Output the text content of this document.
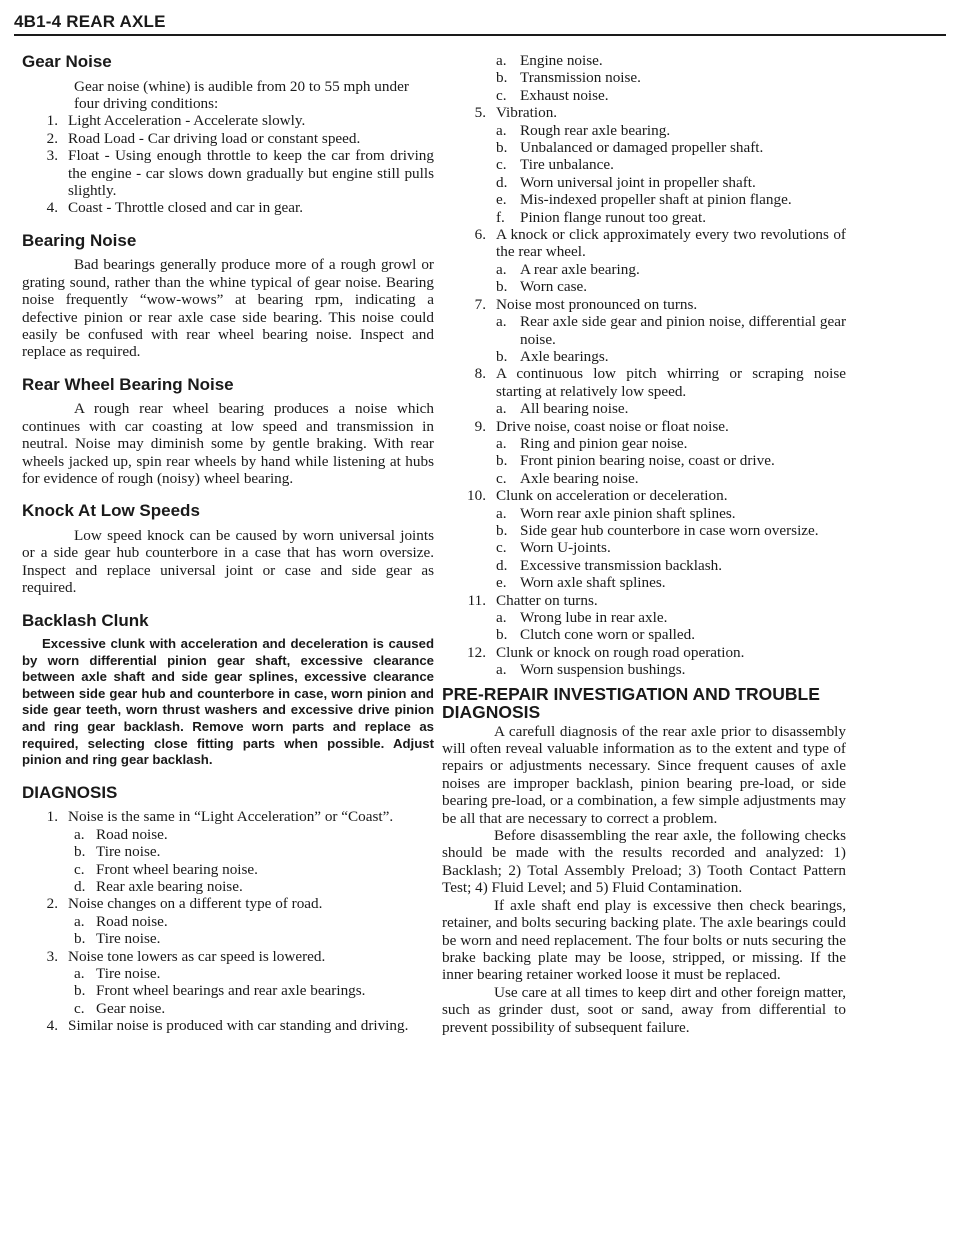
4B1-4 REAR AXLE
Gear Noise
Gear noise (whine) is audible from 20 to 55 mph under four driving conditions:
1. Light Acceleration - Accelerate slowly.
2. Road Load - Car driving load or constant speed.
3. Float - Using enough throttle to keep the car from driving the engine - car slows down gradually but engine still pulls slightly.
4. Coast - Throttle closed and car in gear.
Bearing Noise

Bad bearings generally produce more of a rough growl or grating sound, rather than the whine typical of gear noise. Bearing noise frequently “wow-wows” at bearing rpm, indicating a defective pinion or rear axle case side bearing. This noise could easily be confused with rear wheel bearing noise. Inspect and replace as required.

Rear Wheel Bearing Noise

A rough rear wheel bearing produces a noise which continues with car coasting at low speed and transmission in neutral. Noise may diminish some by gentle braking. With rear wheels jacked up, spin rear wheels by hand while listening at hubs for evidence of rough (noisy) wheel bearing.

Knock At Low Speeds

Low speed knock can be caused by worn universal joints or a side gear hub counterbore in a case that has worn oversize. Inspect and replace universal joint or case and side gear as required.

Backlash Clunk

Excessive clunk with acceleration and deceleration is caused by worn differential pinion gear shaft, excessive clearance between axle shaft and side gear splines, excessive clearance between side gear hub and counterbore in case, worn pinion and side gear teeth, worn thrust washers and excessive drive pinion and ring gear backlash. Remove worn parts and replace as required, selecting close fitting parts when possible. Adjust pinion and ring gear backlash.

DIAGNOSIS
1. Noise is the same in “Light Acceleration” or “Coast”.
a. Road noise.
b. Tire noise.
c. Front wheel bearing noise.
d. Rear axle bearing noise.
2. Noise changes on a different type of road.
a. Road noise.
b. Tire noise.
3. Noise tone lowers as car speed is lowered.
a. Tire noise.
b. Front wheel bearings and rear axle bearings.
c. Gear noise.
4. Similar noise is produced with car standing and driving.
a. Engine noise.
b. Transmission noise.
c. Exhaust noise.
5. Vibration.
a. Rough rear axle bearing.
b. Unbalanced or damaged propeller shaft.
c. Tire unbalance.
d. Worn universal joint in propeller shaft.
e. Mis-indexed propeller shaft at pinion flange.
f. Pinion flange runout too great.
6. A knock or click approximately every two revolutions of the rear wheel.
a. A rear axle bearing.
b. Worn case.
7. Noise most pronounced on turns.
a. Rear axle side gear and pinion noise, differential gear noise.
b. Axle bearings.
8. A continuous low pitch whirring or scraping noise starting at relatively low speed.
a. All bearing noise.
9. Drive noise, coast noise or float noise.
a. Ring and pinion gear noise.
b. Front pinion bearing noise, coast or drive.
c. Axle bearing noise.
10. Clunk on acceleration or deceleration.
a. Worn rear axle pinion shaft splines.
b. Side gear hub counterbore in case worn oversize.
c. Worn U-joints.
d. Excessive transmission backlash.
e. Worn axle shaft splines.
11. Chatter on turns.
a. Wrong lube in rear axle.
b. Clutch cone worn or spalled.
12. Clunk or knock on rough road operation.
a. Worn suspension bushings.
PRE-REPAIR INVESTIGATION AND TROUBLE DIAGNOSIS

A carefull diagnosis of the rear axle prior to disassembly will often reveal valuable information as to the extent and type of repairs or adjustments necessary. Since frequent causes of axle noises are improper backlash, pinion bearing pre-load, or side bearing pre-load, or a combination, a few simple adjustments may be all that are necessary to correct a problem.

Before disassembling the rear axle, the following checks should be made with the results recorded and analyzed: 1) Backlash; 2) Total Assembly Preload; 3) Tooth Contact Pattern Test; 4) Fluid Level; and 5) Fluid Contamination.

If axle shaft end play is excessive then check bearings, retainer, and bolts securing backing plate. The axle bearings could be worn and need replacement. The four bolts or nuts securing the brake backing plate may be loose, stripped, or missing. If the inner bearing retainer worked loose it must be replaced.

Use care at all times to keep dirt and other foreign matter, such as grinder dust, soot or sand, away from differential to prevent possibility of subsequent failure.
